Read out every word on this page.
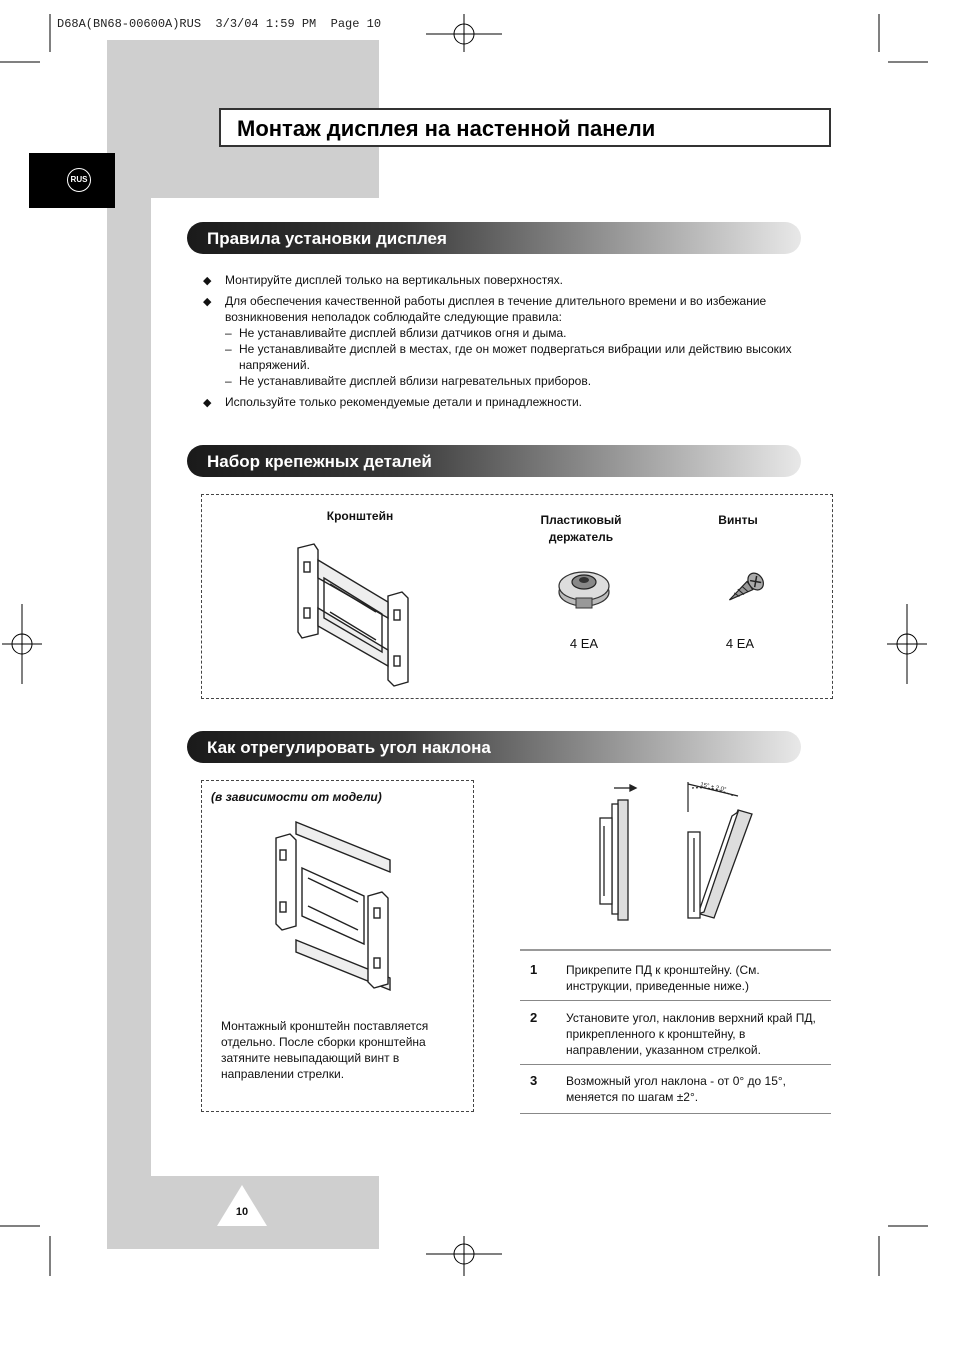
D68A(BN68-00600A)RUS  3/3/04 1:59 PM  Page 10
RUS
Монтаж дисплея на настенной панели
Правила установки дисплея
◆ Монтируйте дисплей только на вертикальных поверхностях.
◆ Для обеспечения качественной работы дисплея в течение длительного времени и во избежание возникновения неполадок соблюдайте следующие правила:
– Не устанавливайте дисплей вблизи датчиков огня и дыма.
– Не устанавливайте дисплей в местах, где он может подвергаться вибрации или действию высоких напряжений.
– Не устанавливайте дисплей вблизи нагревательных приборов.
◆ Используйте только рекомендуемые детали и принадлежности.
Набор крепежных деталей
Кронштейн	Пластиковый
держатель
4 EA
Винты
4 EA
Как отрегулировать угол наклона
(в зависимости от модели)
Монтажный кронштейн поставляется отдельно. После сборки кронштейна затяните невыпадающий винт в направлении стрелки.
15° ± 2.0°
1 Прикрепите ПД к кронштейну. (См. инструкции, приведенные ниже.)
2 Установите угол, наклонив верхний край ПД, прикрепленного к кронштейну, в направлении, указанном стрелкой.
3 Возможный угол наклона - от 0° до 15°, меняется по шагам ±2°.
10
